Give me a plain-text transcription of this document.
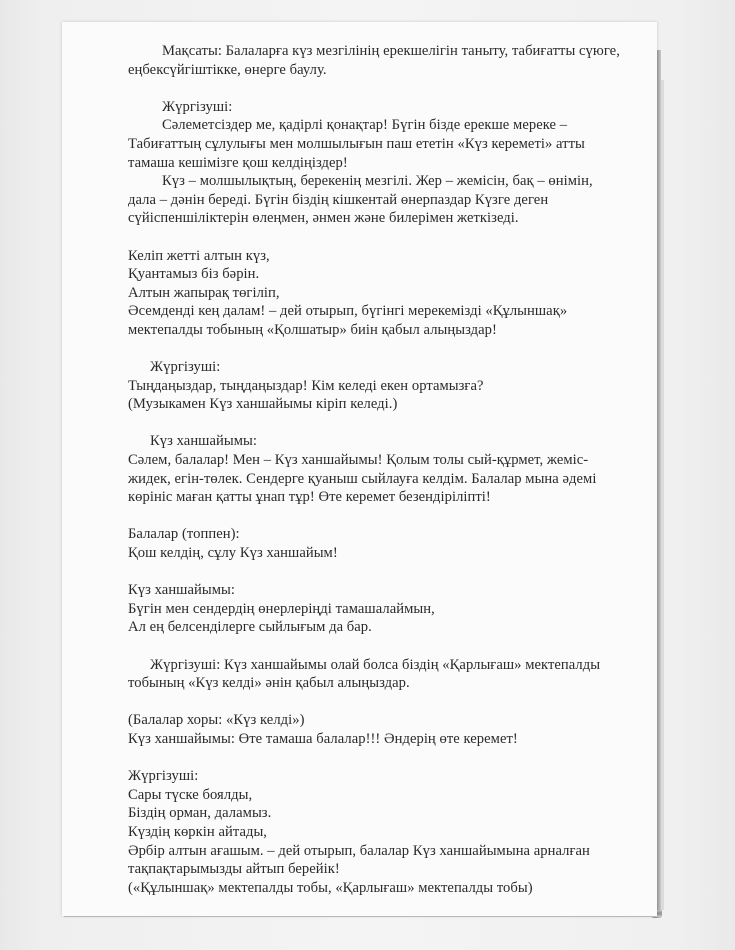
Мақсаты: Балаларға күз мезгілінің ерекшелігін таныту, табиғатты сүюге,
еңбексүйгіштікке, өнерге баулу.
Жүргізуші:
Сәлеметсіздер ме, қадірлі қонақтар! Бүгін бізде ерекше мереке –
Табиғаттың сұлулығы мен молшылығын паш ететін «Күз кереметі» атты
тамаша кешімізге қош келдіңіздер!
Күз – молшылықтың, берекенің мезгілі. Жер – жемісін, бақ – өнімін,
дала – дәнін береді. Бүгін біздің кішкентай өнерпаздар Күзге деген
сүйіспеншіліктерін өлеңмен, әнмен және билерімен жеткізеді.
Келіп жетті алтын күз,
Қуантамыз біз бәрін.
Алтын жапырақ төгіліп,
Әсемденді кең далам! – дей отырып, бүгінгі мерекемізді «Құлыншақ»
мектепалды тобының «Қолшатыр» биін қабыл алыңыздар!
Жүргізуші:
Тыңдаңыздар, тыңдаңыздар! Кім келеді екен ортамызға?
(Музыкамен Күз ханшайымы кіріп келеді.)
Күз ханшайымы:
Сәлем, балалар! Мен – Күз ханшайымы! Қолым толы сый-құрмет, жеміс-
жидек, егін-төлек. Сендерге қуаныш сыйлауға келдім. Балалар мына әдемі
көрініс маған қатты ұнап тұр! Өте керемет безендіріліпті!
Балалар (топпен):
Қош келдің, сұлу Күз ханшайым!
Күз ханшайымы:
Бүгін мен сендердің өнерлеріңді тамашалаймын,
Ал ең белсенділерге сыйлығым да бар.
Жүргізуші: Күз ханшайымы олай болса біздің «Қарлығаш» мектепалды
тобының «Күз келді» әнін қабыл алыңыздар.
(Балалар хоры: «Күз келді»)
Күз ханшайымы: Өте тамаша балалар!!! Әндерің өте керемет!
Жүргізуші:
Сары түске боялды,
Біздің орман, даламыз.
Күздің көркін айтады,
Әрбір алтын ағашым. – дей отырып, балалар Күз ханшайымына арналған
тақпақтарымызды айтып берейік!
(«Құлыншақ» мектепалды тобы, «Қарлығаш» мектепалды тобы)
